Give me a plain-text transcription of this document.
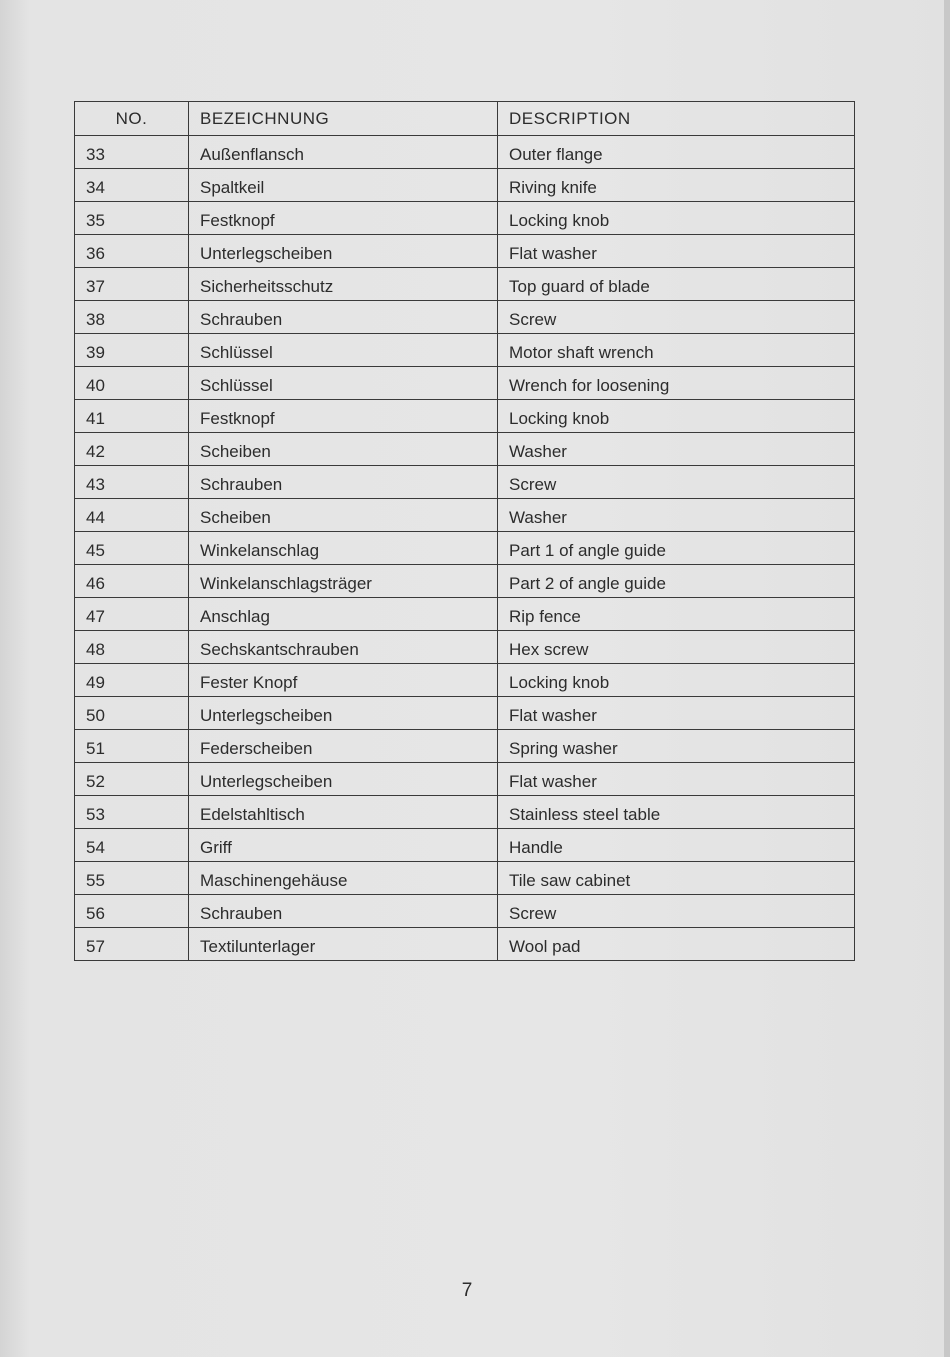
NO.	BEZEICHNUNG	DESCRIPTION
33	Außenflansch	Outer flange
34	Spaltkeil	Riving knife
35	Festknopf	Locking knob
36	Unterlegscheiben	Flat washer
37	Sicherheitsschutz	Top guard of blade
38	Schrauben	Screw
39	Schlüssel	Motor shaft wrench
40	Schlüssel	Wrench for loosening
41	Festknopf	Locking knob
42	Scheiben	Washer
43	Schrauben	Screw
44	Scheiben	Washer
45	Winkelanschlag	Part 1 of angle guide
46	Winkelanschlagsträger	Part 2 of angle guide
47	Anschlag	Rip fence
48	Sechskantschrauben	Hex screw
49	Fester Knopf	Locking knob
50	Unterlegscheiben	Flat washer
51	Federscheiben	Spring washer
52	Unterlegscheiben	Flat washer
53	Edelstahltisch	Stainless steel table
54	Griff	Handle
55	Maschinengehäuse	Tile saw cabinet
56	Schrauben	Screw
57	Textilunterlager	Wool pad
7
